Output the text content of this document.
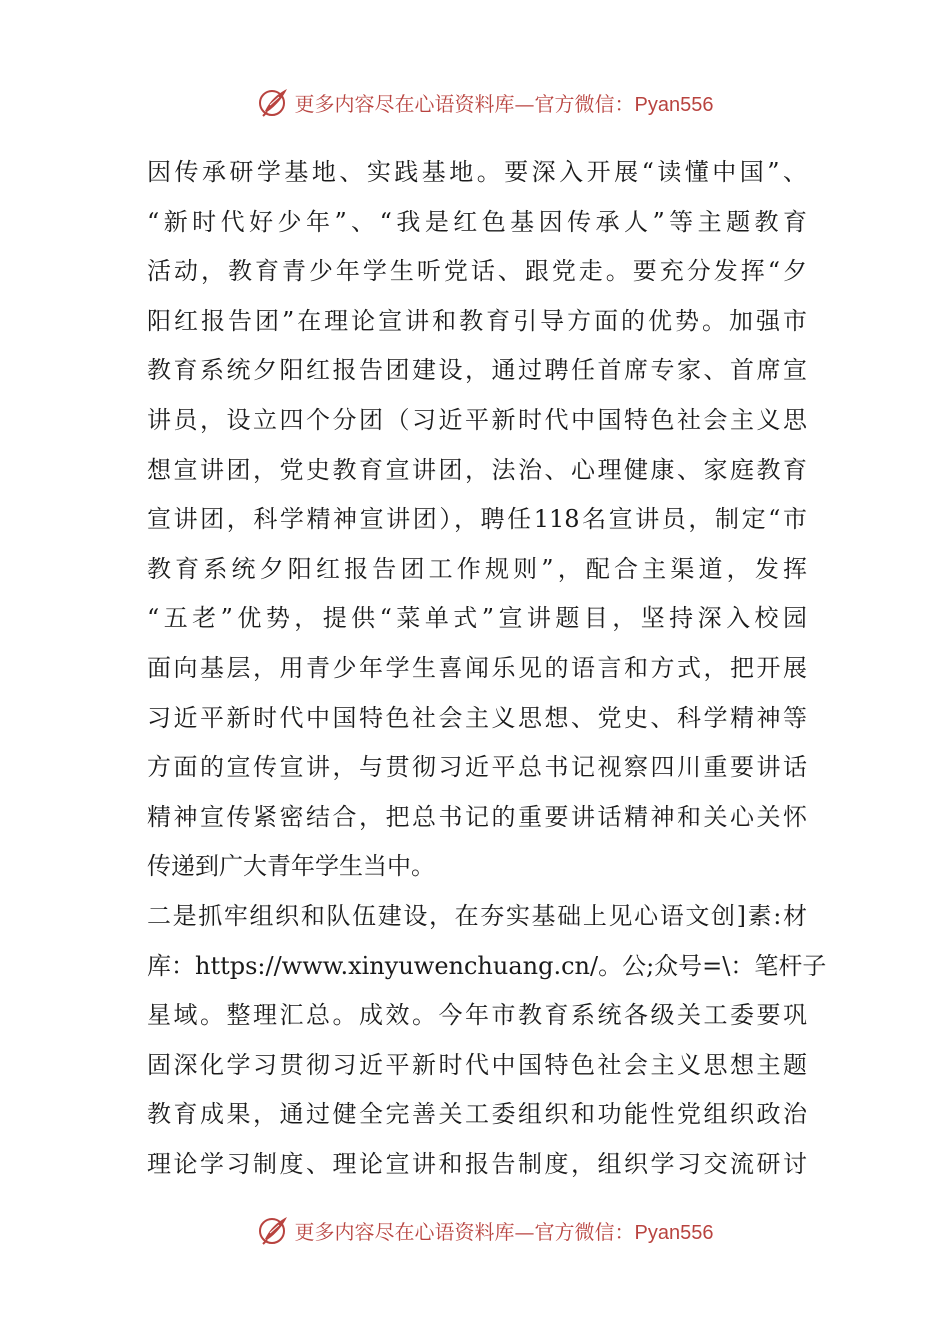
更多内容尽在心语资料库—官方微信：Pyan556
因传承研学基地、实践基地。要深入开展“读懂中国”、
“新时代好少年”、“我是红色基因传承人”等主题教育
活动，教育青少年学生听党话、跟党走。要充分发挥“夕
阳红报告团”在理论宣讲和教育引导方面的优势。加强市
教育系统夕阳红报告团建设，通过聘任首席专家、首席宣
讲员，设立四个分团（习近平新时代中国特色社会主义思
想宣讲团，党史教育宣讲团，法治、心理健康、家庭教育
宣讲团，科学精神宣讲团），聘任118名宣讲员，制定“市
教育系统夕阳红报告团工作规则”，配合主渠道，发挥
“五老”优势，提供“菜单式”宣讲题目，坚持深入校园
面向基层，用青少年学生喜闻乐见的语言和方式，把开展
习近平新时代中国特色社会主义思想、党史、科学精神等
方面的宣传宣讲，与贯彻习近平总书记视察四川重要讲话
精神宣传紧密结合，把总书记的重要讲话精神和关心关怀
传递到广大青年学生当中。
二是抓牢组织和队伍建设，在夯实基础上见心语文创]素:材
库：https://www.xinyuwenchuang.cn/。公;众号=\：笔杆子
星域。整理汇总。成效。今年市教育系统各级关工委要巩
固深化学习贯彻习近平新时代中国特色社会主义思想主题
教育成果，通过健全完善关工委组织和功能性党组织政治
理论学习制度、理论宣讲和报告制度，组织学习交流研讨
更多内容尽在心语资料库—官方微信：Pyan556
